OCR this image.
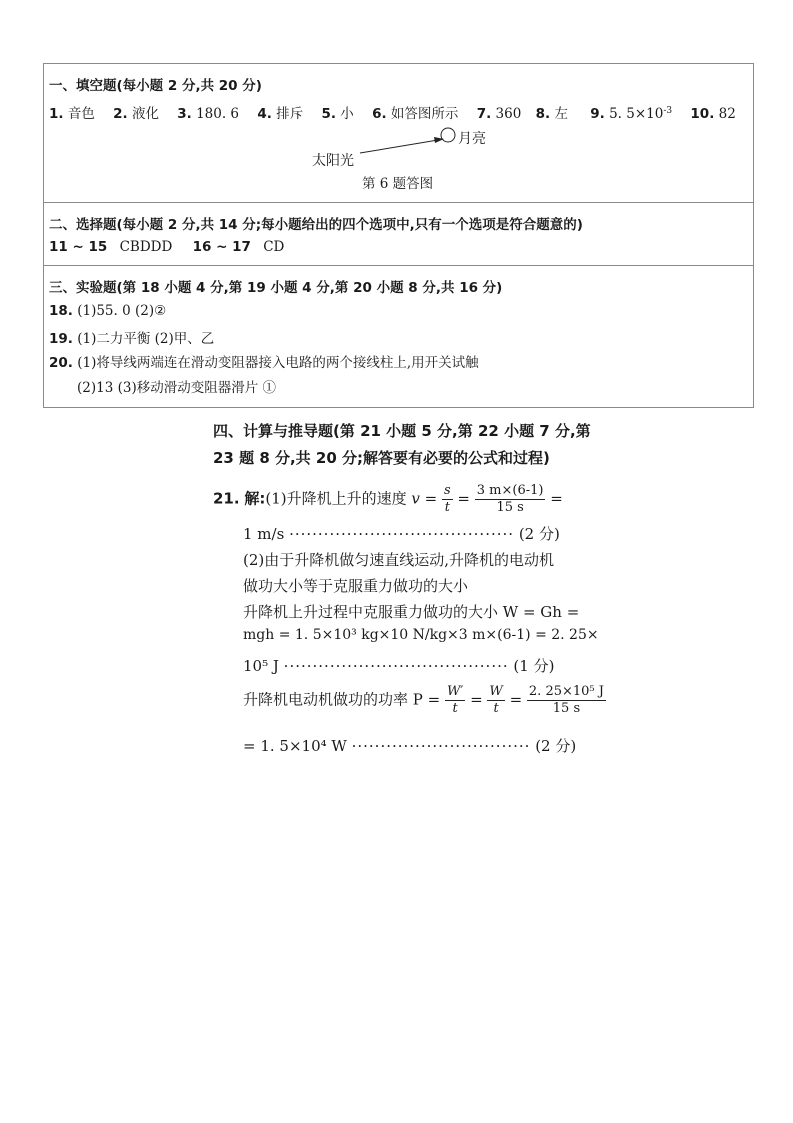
一、填空题(每小题 2 分,共 20 分)
1. 音色 2. 液化 3. 180. 6 4. 排斥 5. 小 6. 如答图所示 7. 360 8. 左 9. 5. $5\times 10^{-3}$ 10. 82
太阳光
月亮
第 6 题答图
二、选择题(每小题 2 分,共 14 分;每小题给出的四个选项中,只有一个选项是符合题意的)
11 ~ 15 CBDDD 16 ~ 17 CD
三、实验题(第 18 小题 4 分,第 19 小题 4 分,第 20 小题 8 分,共 16 分)
18. (1)55. 0 (2)②
19. (1)二力平衡 (2)甲、乙
20. (1)将导线两端连在滑动变阻器接入电路的两个接线柱上,用开关试触
(2)13 (3)移动滑动变阻器滑片 ①
四、计算与推导题(第 21 小题 5 分,第 22 小题 7 分,第
23 题 8 分,共 20 分;解答要有必要的公式和过程)
21. 解:(1)升降机上升的速度 $v = \frac{s}{t} = \frac{3 m\times(6-1)}{15 s}$ =
1 m/s ······································· (2 分)
(2)由于升降机做匀速直线运动,升降机的电动机
做功大小等于克服重力做功的大小
升降机上升过程中克服重力做功的大小 W = Gh =
mgh = 1. 5×10³ kg×10 N/kg×3 m×(6-1) = 2. 25×
10⁵ J ······································· (1 分)
升降机电动机做功的功率 $P = \frac{W'}{t} = \frac{W}{t} = \frac{\text{2. 25×10⁵ J}}{15 s}$
= 1. 5×10⁴ W ······························· (2 分)
